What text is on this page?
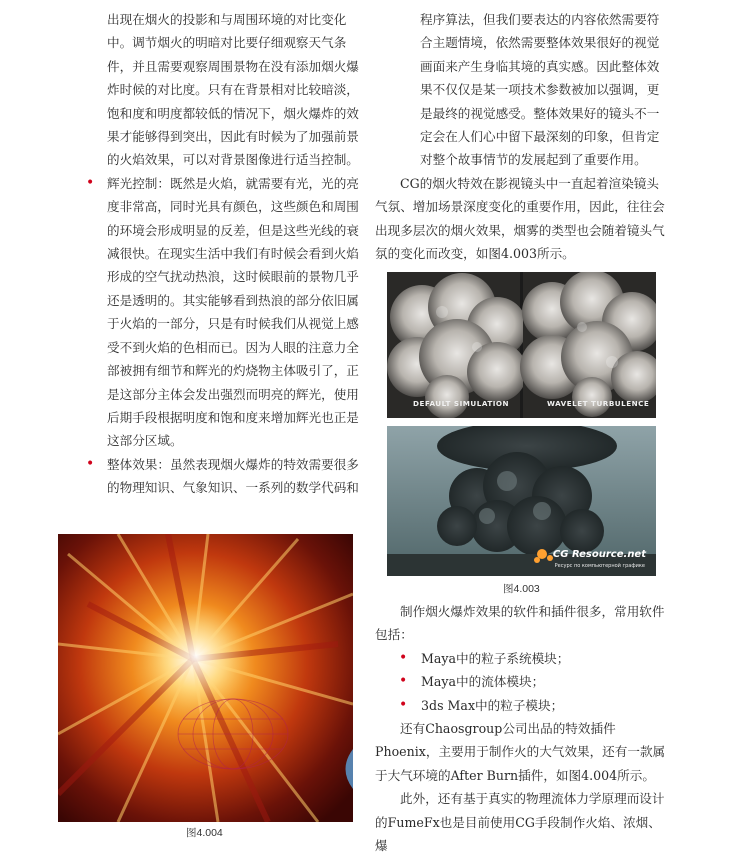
出现在烟火的投影和与周围环境的对比变化中。调节烟火的明暗对比要仔细观察天气条件，并且需要观察周围景物在没有添加烟火爆炸时候的对比度。只有在背景相对比较暗淡，饱和度和明度都较低的情况下，烟火爆炸的效果才能够得到突出，因此有时候为了加强前景的火焰效果，可以对背景图像进行适当控制。

• 辉光控制：既然是火焰，就需要有光，光的亮度非常高，同时光具有颜色，这些颜色和周围的环境会形成明显的反差，但是这些光线的衰减很快。在现实生活中我们有时候会看到火焰形成的空气扰动热浪，这时候眼前的景物几乎还是透明的。其实能够看到热浪的部分依旧属于火焰的一部分，只是有时候我们从视觉上感受不到火焰的色相而已。因为人眼的注意力全部被拥有细节和辉光的灼烧物主体吸引了，正是这部分主体会发出强烈而明亮的辉光，使用后期手段根据明度和饱和度来增加辉光也正是这部分区域。

• 整体效果：虽然表现烟火爆炸的特效需要很多的物理知识、气象知识、一系列的数学代码和

图4.004

程序算法，但我们要表达的内容依然需要符合主题情境，依然需要整体效果很好的视觉画面来产生身临其境的真实感。因此整体效果不仅仅是某一项技术参数被加以强调，更是最终的视觉感受。整体效果好的镜头不一定会在人们心中留下最深刻的印象，但肯定对整个故事情节的发展起到了重要作用。

CG的烟火特效在影视镜头中一直起着渲染镜头气氛、增加场景深度变化的重要作用，因此，往往会出现多层次的烟火效果，烟雾的类型也会随着镜头气氛的变化而改变，如图4.003所示。

DEFAULT SIMULATION	WAVELET TURBULENCE
CG Resource.net
Ресурс по компьютерной графике
图4.003

制作烟火爆炸效果的软件和插件很多，常用软件包括：

• Maya中的粒子系统模块；

• Maya中的流体模块；

• 3ds Max中的粒子模块；

还有Chaosgroup公司出品的特效插件Phoenix，主要用于制作火的大气效果，还有一款属于大气环境的After Burn插件，如图4.004所示。

此外，还有基于真实的物理流体力学原理而设计的FumeFx也是目前使用CG手段制作火焰、浓烟、爆
